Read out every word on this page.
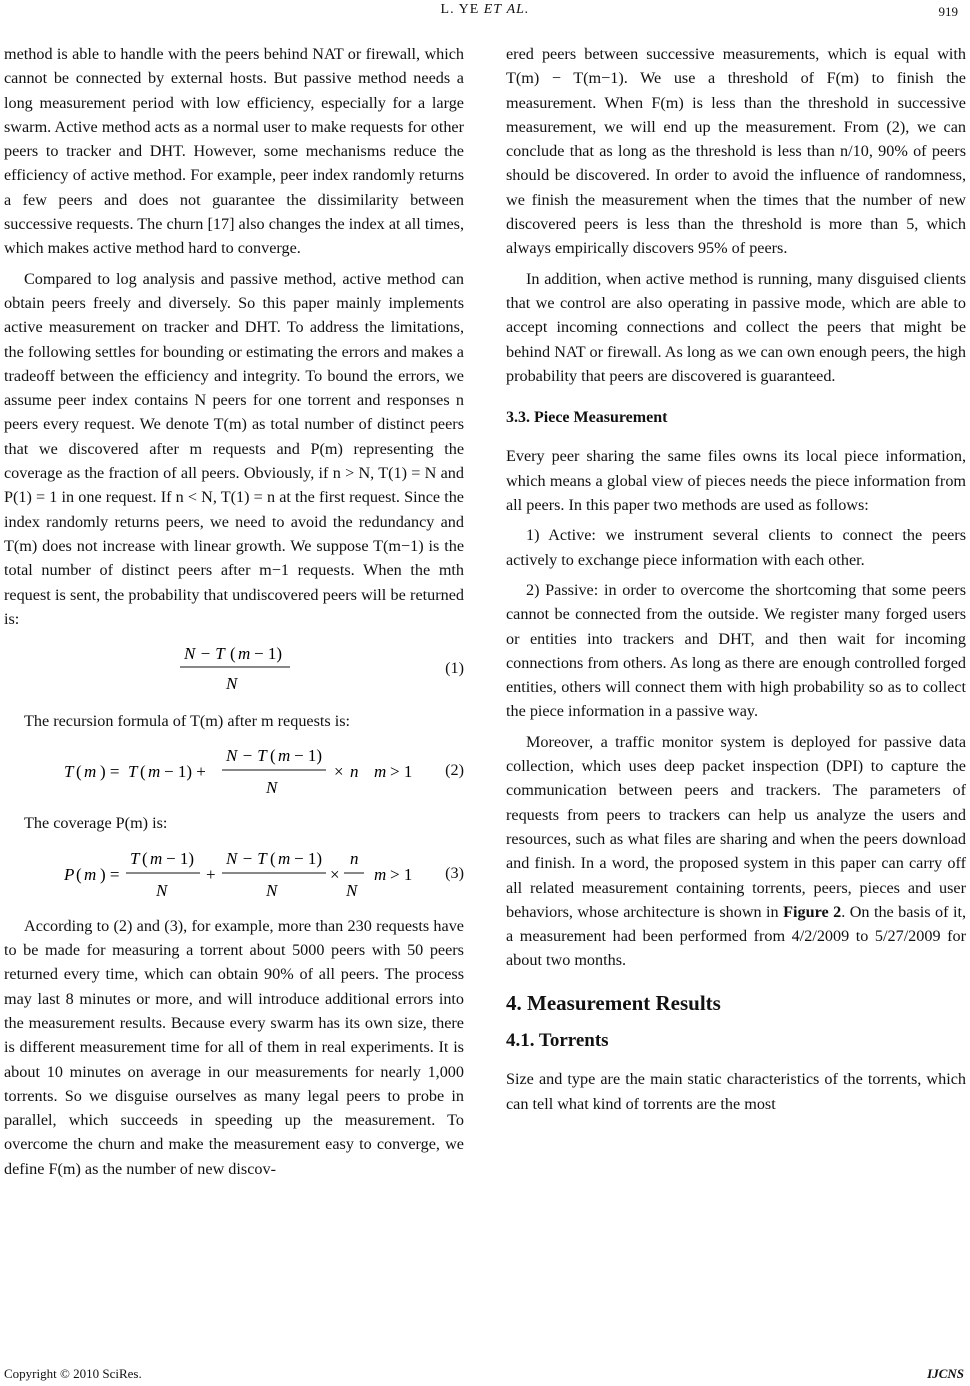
L. YE ET AL.	919

method is able to handle with the peers behind NAT or firewall, which cannot be connected by external hosts. But passive method needs a long measurement period with low efficiency, especially for a large swarm. Active method acts as a normal user to make requests for other peers to tracker and DHT. However, some mechanisms reduce the efficiency of active method. For example, peer index randomly returns a few peers and does not guarantee the dissimilarity between successive requests. The churn [17] also changes the index at all times, which makes active method hard to converge.

Compared to log analysis and passive method, active method can obtain peers freely and diversely. So this paper mainly implements active measurement on tracker and DHT. To address the limitations, the following settles for bounding or estimating the errors and makes a tradeoff between the efficiency and integrity. To bound the errors, we assume peer index contains N peers for one torrent and responses n peers every request. We denote T(m) as total number of distinct peers that we discovered after m requests and P(m) representing the coverage as the fraction of all peers. Obviously, if n > N, T(1) = N and P(1) = 1 in one request. If n < N, T(1) = n at the first request. Since the index randomly returns peers, we need to avoid the redundancy and T(m) does not increase with linear growth. We suppose T(m−1) is the total number of distinct peers after m−1 requests. When the mth request is sent, the probability that undiscovered peers will be returned is:

N − T ( m − 1)
N
(1)

The recursion formula of T(m) after m requests is:

T ( m ) = T ( m − 1) +
N − T ( m − 1)
N
× n m > 1 (2)

The coverage P(m) is:

P ( m ) =
T ( m − 1)
N
+
N − T ( m − 1)
N
×
n
N
m > 1 (3)

According to (2) and (3), for example, more than 230 requests have to be made for measuring a torrent about 5000 peers with 50 peers returned every time, which can obtain 90% of all peers. The process may last 8 minutes or more, and will introduce additional errors into the measurement results. Because every swarm has its own size, there is different measurement time for all of them in real experiments. It is about 10 minutes on average in our measurements for nearly 1,000 torrents. So we disguise ourselves as many legal peers to probe in parallel, which succeeds in speeding up the measurement. To overcome the churn and make the measurement easy to converge, we define F(m) as the number of new discov-

ered peers between successive measurements, which is equal with T(m) − T(m−1). We use a threshold of F(m) to finish the measurement. When F(m) is less than the threshold in successive measurement, we will end up the measurement. From (2), we can conclude that as long as the threshold is less than n/10, 90% of peers should be discovered. In order to avoid the influence of randomness, we finish the measurement when the times that the number of new discovered peers is less than the threshold is more than 5, which always empirically discovers 95% of peers.

In addition, when active method is running, many disguised clients that we control are also operating in passive mode, which are able to accept incoming connections and collect the peers that might be behind NAT or firewall. As long as we can own enough peers, the high probability that peers are discovered is guaranteed.

3.3. Piece Measurement

Every peer sharing the same files owns its local piece information, which means a global view of pieces needs the piece information from all peers. In this paper two methods are used as follows:

1) Active: we instrument several clients to connect the peers actively to exchange piece information with each other.

2) Passive: in order to overcome the shortcoming that some peers cannot be connected from the outside. We register many forged users or entities into trackers and DHT, and then wait for incoming connections from others. As long as there are enough controlled forged entities, others will connect them with high probability so as to collect the piece information in a passive way.

Moreover, a traffic monitor system is deployed for passive data collection, which uses deep packet inspection (DPI) to capture the communication between peers and trackers. The parameters of requests from peers to trackers can help us analyze the users and resources, such as what files are sharing and when the peers download and finish. In a word, the proposed system in this paper can carry off all related measurement containing torrents, peers, pieces and user behaviors, whose architecture is shown in Figure 2. On the basis of it, a measurement had been performed from 4/2/2009 to 5/27/2009 for about two months.

4. Measurement Results
4.1. Torrents

Size and type are the main static characteristics of the torrents, which can tell what kind of torrents are the most

Copyright © 2010 SciRes.	IJCNS
